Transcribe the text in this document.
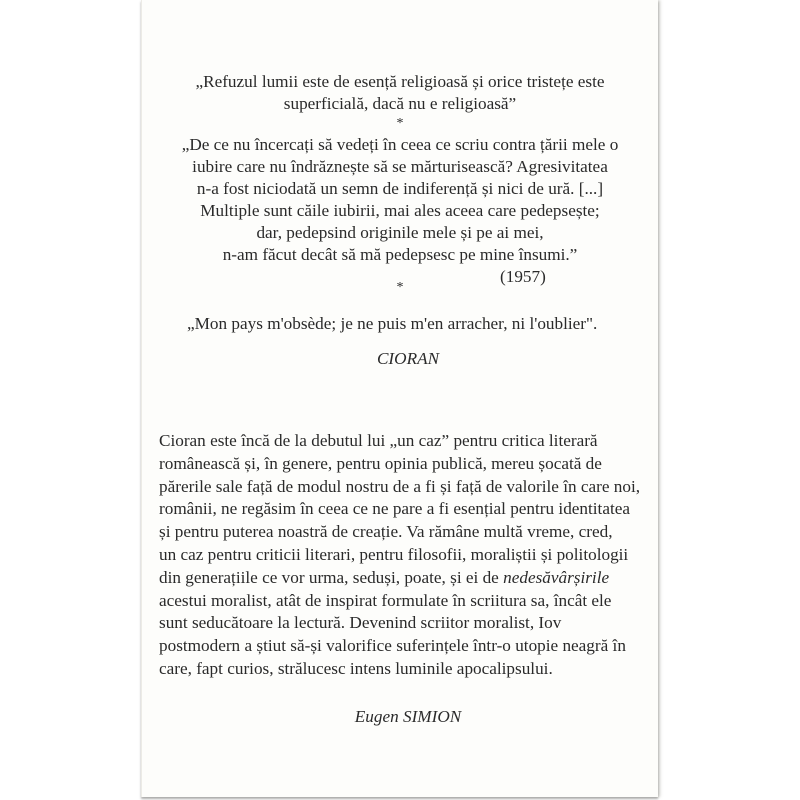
„Refuzul lumii este de esență religioasă și orice tristețe este
superficială, dacă nu e religioasă”
*
„De ce nu încercați să vedeți în ceea ce scriu contra țării mele o
iubire care nu îndrăznește să se mărturisească? Agresivitatea
n-a fost niciodată un semn de indiferență și nici de ură. [...]
Multiple sunt căile iubirii, mai ales aceea care pedepsește;
dar, pedepsind originile mele și pe ai mei,
n-am făcut decât să mă pedepsesc pe mine însumi.”
(1957)
*
„Mon pays m'obsède; je ne puis m'en arracher, ni l'oublier".
CIORAN
Cioran este încă de la debutul lui „un caz” pentru critica literară
românească și, în genere, pentru opinia publică, mereu șocată de
părerile sale față de modul nostru de a fi și față de valorile în care noi,
românii, ne regăsim în ceea ce ne pare a fi esențial pentru identitatea
și pentru puterea noastră de creație. Va rămâne multă vreme, cred,
un caz pentru criticii literari, pentru filosofii, moraliștii și politologii
din generațiile ce vor urma, seduși, poate, și ei de nedesăvârșirile
acestui moralist, atât de inspirat formulate în scriitura sa, încât ele
sunt seducătoare la lectură. Devenind scriitor moralist, Iov
postmodern a știut să-și valorifice suferințele într-o utopie neagră în
care, fapt curios, strălucesc intens luminile apocalipsului.
Eugen SIMION
